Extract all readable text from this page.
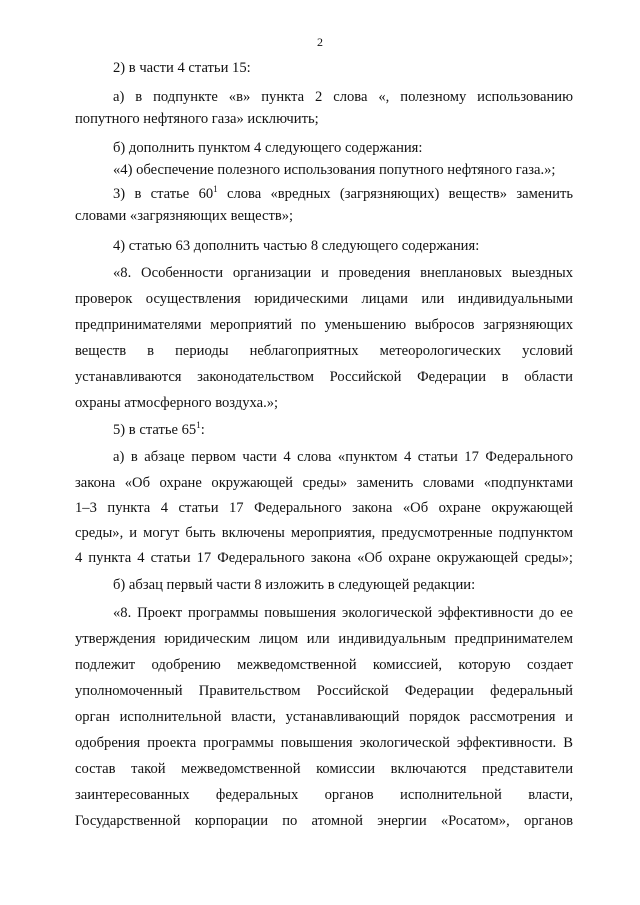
2
2) в части 4 статьи 15:
а) в подпункте «в» пункта 2 слова «, полезному использованию
попутного нефтяного газа» исключить;
б) дополнить пунктом 4 следующего содержания:
«4) обеспечение полезного использования попутного нефтяного газа.»;
3) в статье $60^1$ слова «вредных (загрязняющих) веществ» заменить
словами «загрязняющих веществ»;
4) статью 63 дополнить частью 8 следующего содержания:
«8. Особенности организации и проведения внеплановых выездных
проверок осуществления юридическими лицами или индивидуальными
предпринимателями мероприятий по уменьшению выбросов загрязняющих
веществ в периоды неблагоприятных метеорологических условий
устанавливаются законодательством Российской Федерации в области
охраны атмосферного воздуха.»;
5) в статье $65^1$:
а) в абзаце первом части 4 слова «пунктом 4 статьи 17 Федерального
закона «Об охране окружающей среды» заменить словами «подпунктами
1–3 пункта 4 статьи 17 Федерального закона «Об охране окружающей
среды», и могут быть включены мероприятия, предусмотренные подпунктом
4 пункта 4 статьи 17 Федерального закона «Об охране окружающей среды»;
б) абзац первый части 8 изложить в следующей редакции:
«8. Проект программы повышения экологической эффективности до ее
утверждения юридическим лицом или индивидуальным предпринимателем
подлежит одобрению межведомственной комиссией, которую создает
уполномоченный Правительством Российской Федерации федеральный
орган исполнительной власти, устанавливающий порядок рассмотрения и
одобрения проекта программы повышения экологической эффективности. В
состав такой межведомственной комиссии включаются представители
заинтересованных федеральных органов исполнительной власти,
Государственной корпорации по атомной энергии «Росатом», органов
